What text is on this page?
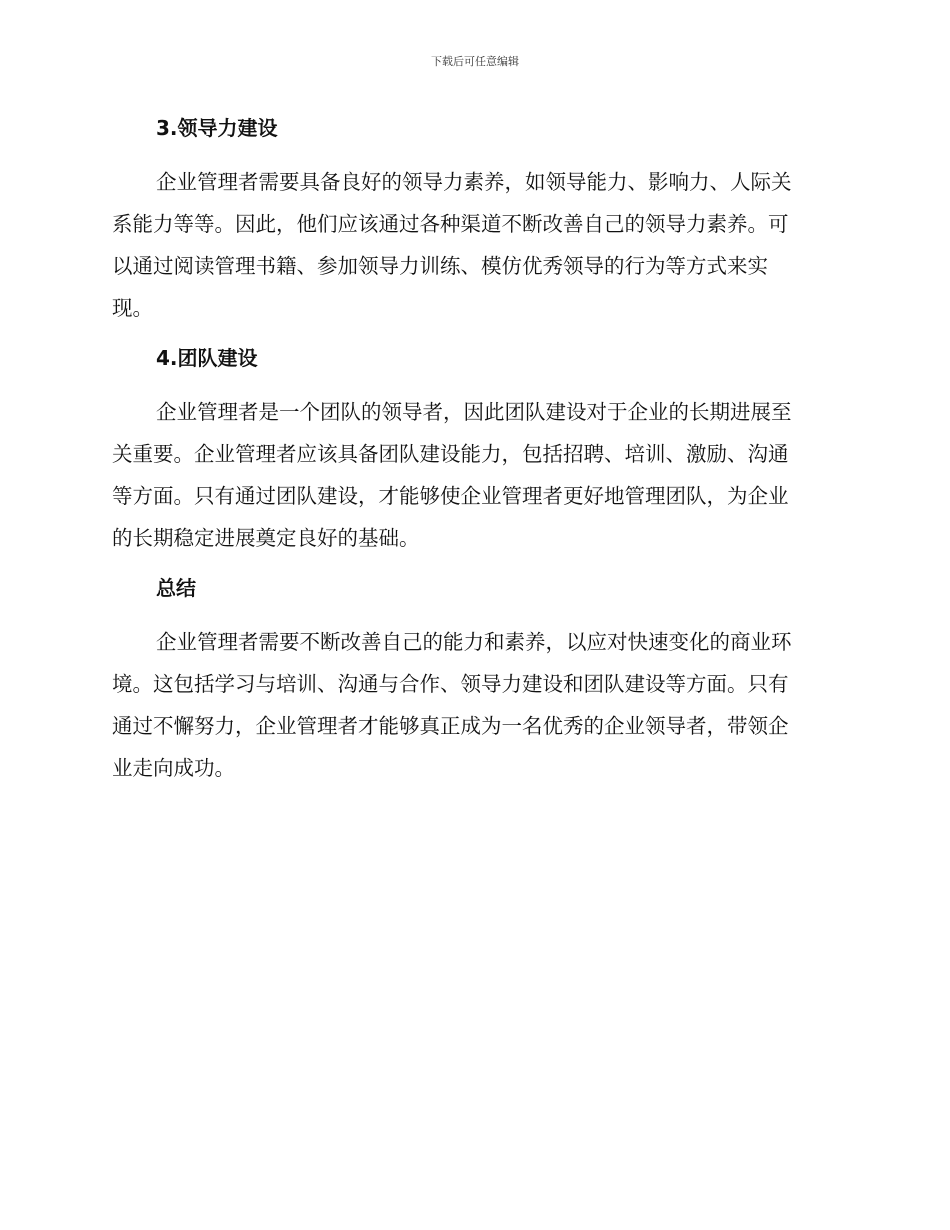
下载后可任意编辑
3.领导力建设

企业管理者需要具备良好的领导力素养，如领导能力、影响力、人际关
系能力等等。因此，他们应该通过各种渠道不断改善自己的领导力素养。可
以通过阅读管理书籍、参加领导力训练、模仿优秀领导的行为等方式来实
现。

4.团队建设

企业管理者是一个团队的领导者，因此团队建设对于企业的长期进展至
关重要。企业管理者应该具备团队建设能力，包括招聘、培训、激励、沟通
等方面。只有通过团队建设，才能够使企业管理者更好地管理团队，为企业
的长期稳定进展奠定良好的基础。

总结

企业管理者需要不断改善自己的能力和素养，以应对快速变化的商业环
境。这包括学习与培训、沟通与合作、领导力建设和团队建设等方面。只有
通过不懈努力，企业管理者才能够真正成为一名优秀的企业领导者，带领企
业走向成功。
